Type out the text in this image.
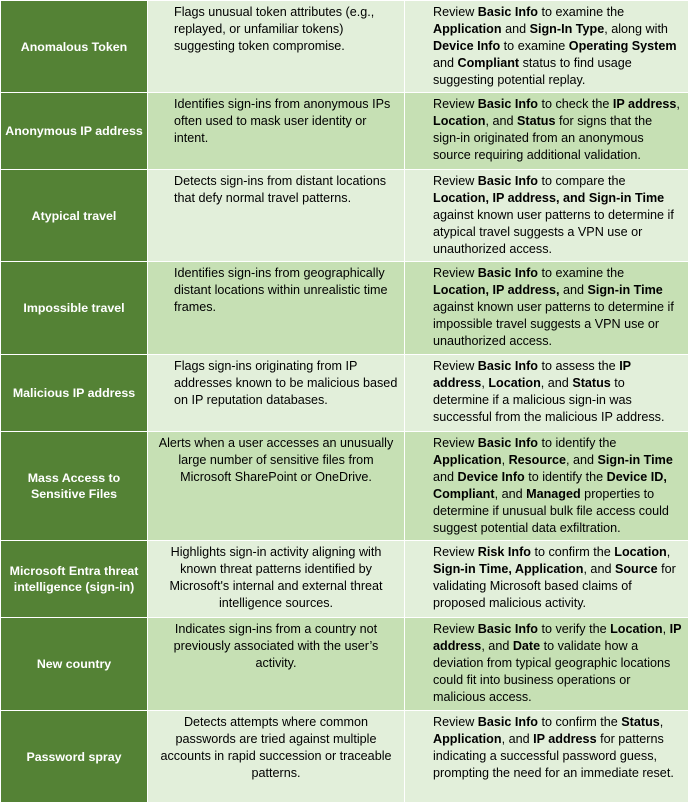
Anomalous Token	Flags unusual token attributes (e.g., replayed, or unfamiliar tokens) suggesting token compromise.	Review Basic Info to examine the Application and Sign-In Type, along with Device Info to examine Operating System and Compliant status to find usage suggesting potential replay.
Anonymous IP address	Identifies sign-ins from anonymous IPs often used to mask user identity or intent.	Review Basic Info to check the IP address, Location, and Status for signs that the sign-in originated from an anonymous source requiring additional validation.
Atypical travel	Detects sign-ins from distant locations that defy normal travel patterns.	Review Basic Info to compare the Location, IP address, and Sign-in Time against known user patterns to determine if atypical travel suggests a VPN use or unauthorized access.
Impossible travel	Identifies sign-ins from geographically distant locations within unrealistic time frames.	Review Basic Info to examine the Location, IP address, and Sign-in Time against known user patterns to determine if impossible travel suggests a VPN use or unauthorized access.
Malicious IP address	Flags sign-ins originating from IP addresses known to be malicious based on IP reputation databases.	Review Basic Info to assess the IP address, Location, and Status to determine if a malicious sign-in was successful from the malicious IP address.
Mass Access to Sensitive Files	Alerts when a user accesses an unusually large number of sensitive files from Microsoft SharePoint or OneDrive.	Review Basic Info to identify the Application, Resource, and Sign-in Time and Device Info to identify the Device ID, Compliant, and Managed properties to determine if unusual bulk file access could suggest potential data exfiltration.
Microsoft Entra threat intelligence (sign-in)	Highlights sign-in activity aligning with known threat patterns identified by Microsoft's internal and external threat intelligence sources.	Review Risk Info to confirm the Location, Sign-in Time, Application, and Source for validating Microsoft based claims of proposed malicious activity.
New country	Indicates sign-ins from a country not previously associated with the user’s activity.	Review Basic Info to verify the Location, IP address, and Date to validate how a deviation from typical geographic locations could fit into business operations or malicious access.
Password spray	Detects attempts where common passwords are tried against multiple accounts in rapid succession or traceable patterns.	Review Basic Info to confirm the Status, Application, and IP address for patterns indicating a successful password guess, prompting the need for an immediate reset.
